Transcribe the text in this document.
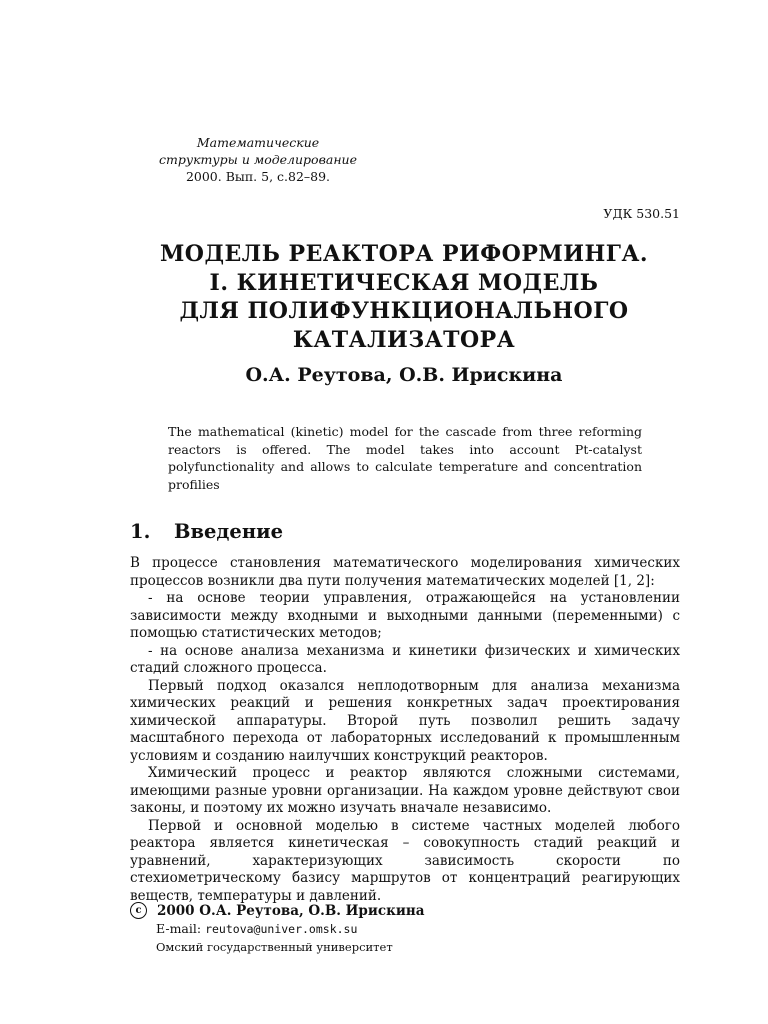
Математические
структуры и моделирование
2000. Вып. 5, с.82–89.
УДК 530.51
МОДЕЛЬ РЕАКТОРА РИФОРМИНГА.
I. КИНЕТИЧЕСКАЯ МОДЕЛЬ
ДЛЯ ПОЛИФУНКЦИОНАЛЬНОГО
КАТАЛИЗАТОРА
О.А. Реутова, О.В. Ирискина
The mathematical (kinetic) model for the cascade from three reforming reactors is offered. The model takes into account Pt-catalyst polyfunctionality and allows to calculate temperature and concentration profilies
1. Введение

В процессе становления математического моделирования химических процессов возникли два пути получения математических моделей [1, 2]:

- на основе теории управления, отражающейся на установлении зависимости между входными и выходными данными (переменными) с помощью статистических методов;

- на основе анализа механизма и кинетики физических и химических стадий сложного процесса.

Первый подход оказался неплодотворным для анализа механизма химических реакций и решения конкретных задач проектирования химической аппаратуры. Второй путь позволил решить задачу масштабного перехода от лабораторных исследований к промышленным условиям и созданию наилучших конструкций реакторов.

Химический процесс и реактор являются сложными системами, имеющими разные уровни организации. На каждом уровне действуют свои законы, и поэтому их можно изучать вначале независимо.

Первой и основной моделью в системе частных моделей любого реактора является кинетическая – совокупность стадий реакций и уравнений, характеризующих зависимость скорости по стехиометрическому базису маршрутов от концентраций реагирующих веществ, температуры и давлений.

c	2000 О.А. Реутова, О.В. Ирискина
E-mail: reutova@univer.omsk.su
Омский государственный университет
